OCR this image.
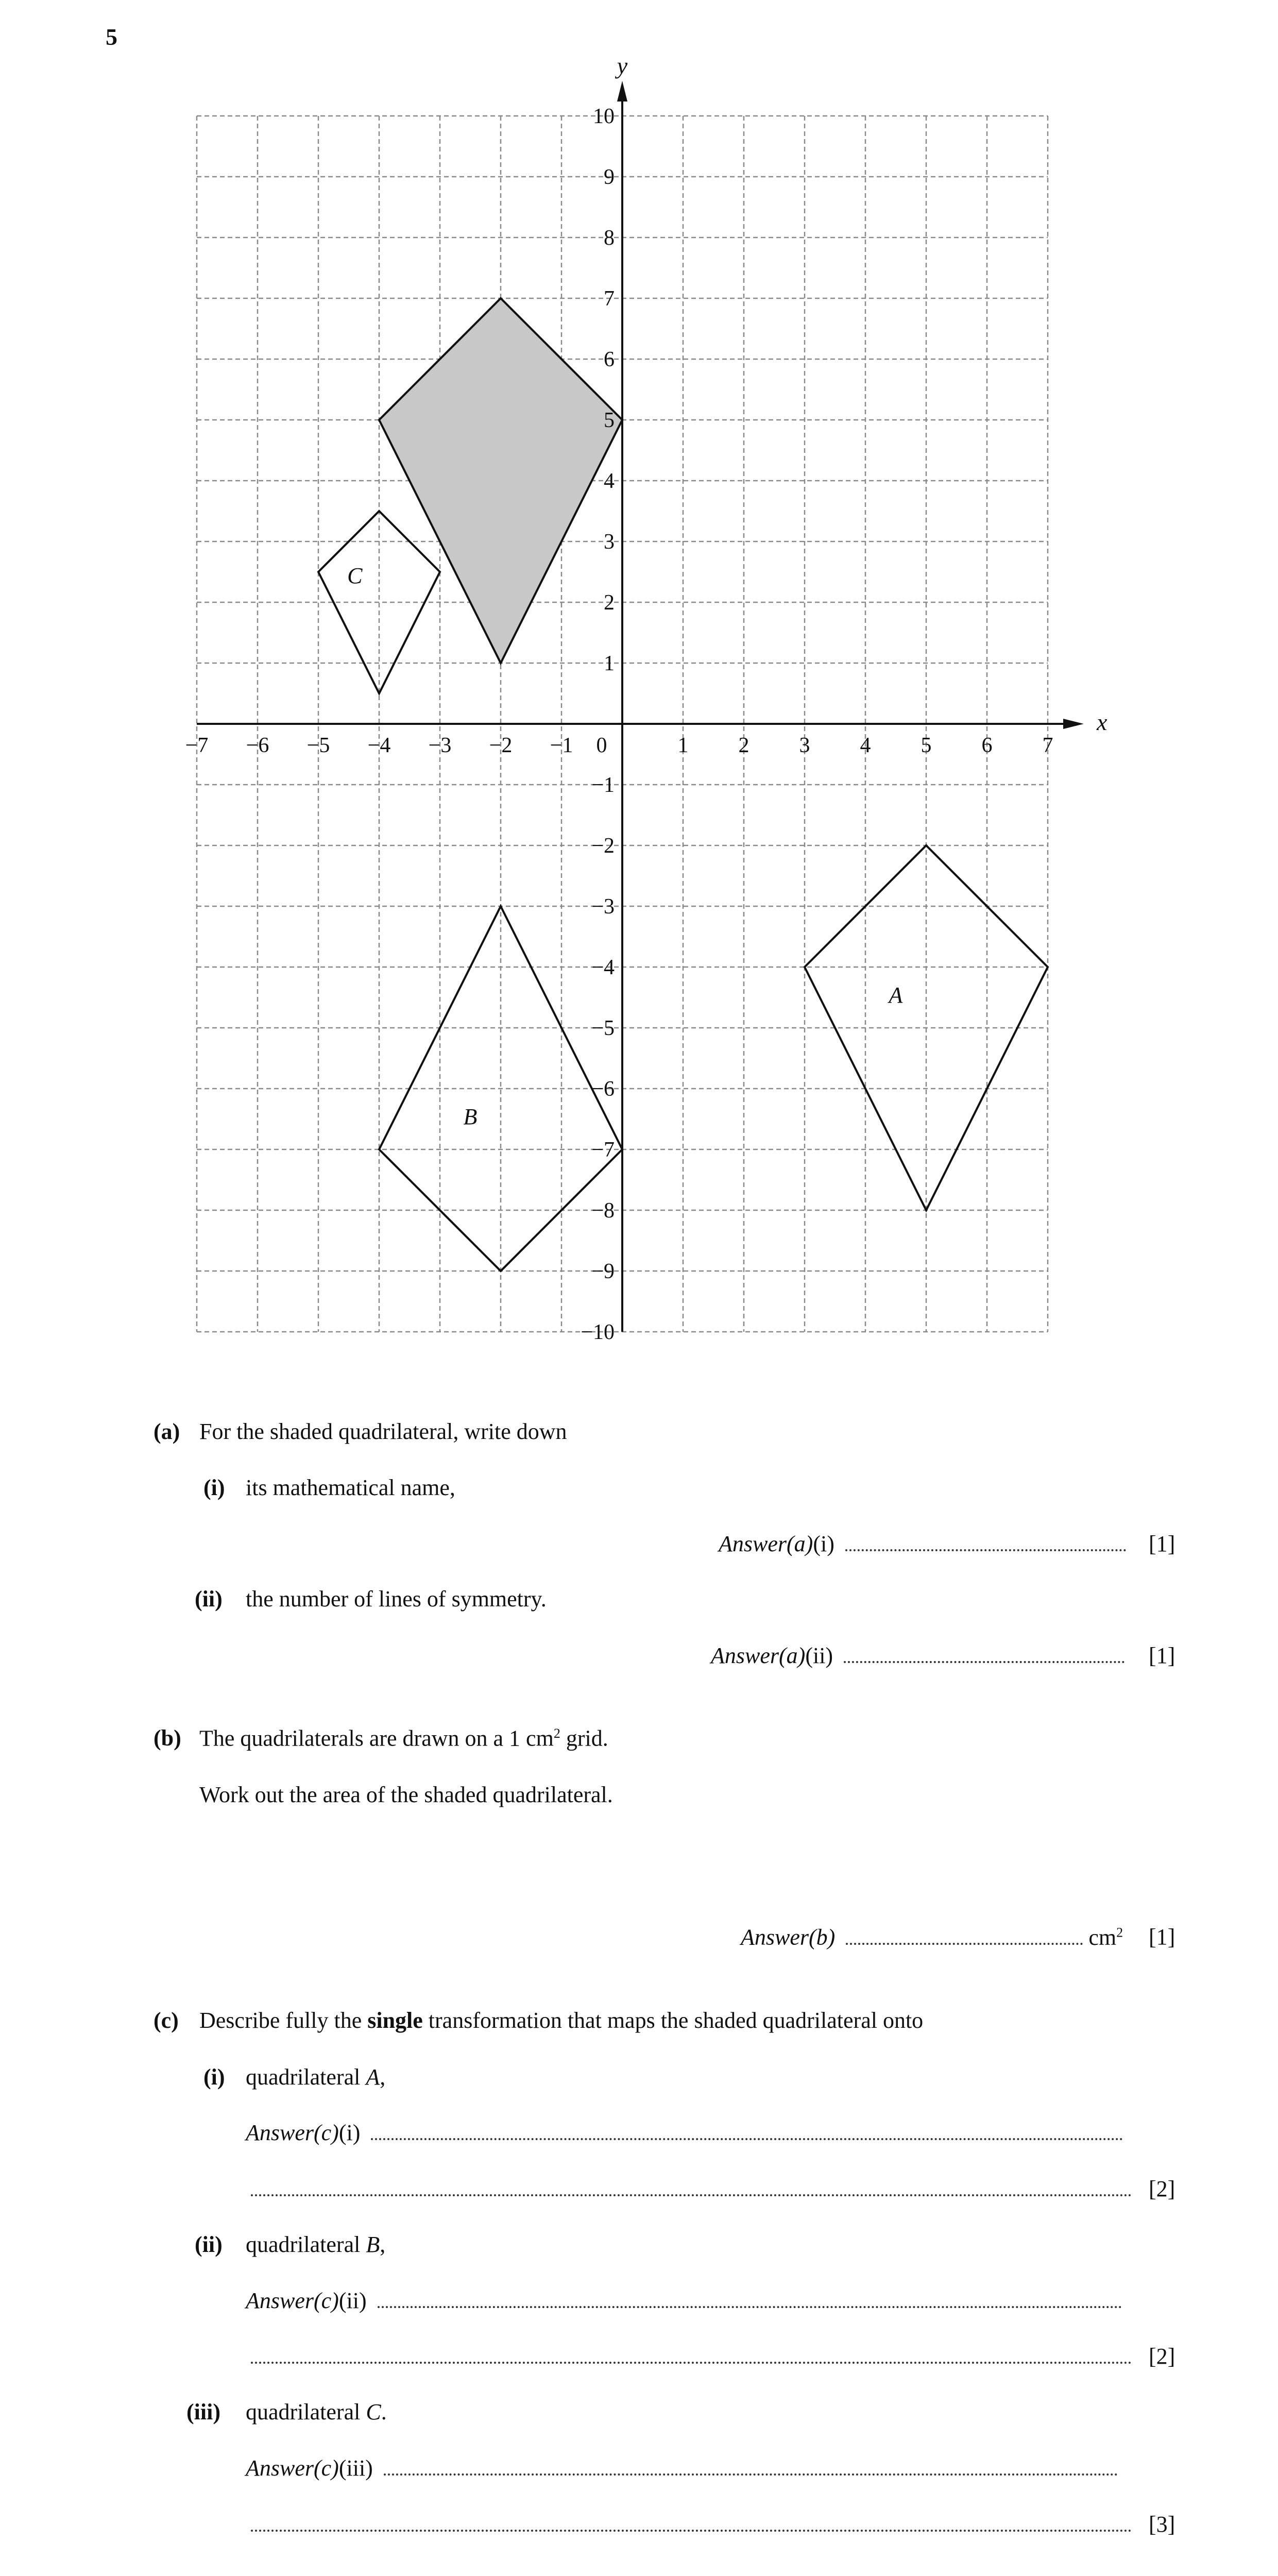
5
x
y
A
B
C
−7 −6 −5 −4 −3 −2 −1 0	1 2 3 4 5 6 7
10
9
8
7
6
5
4
3
2
1
−1
−2
−3
−4
−5
−6
−7
−8
−9
−10
(a) For the shaded quadrilateral, write down
(i) its mathematical name,
Answer(a)(i)	[1]
(ii) the number of lines of symmetry.
Answer(a)(ii)	[1]
(b) The quadrilaterals are drawn on a 1 $cm^2$ grid.
Work out the area of the shaded quadrilateral.
Answer(b)	$cm^2$ [1]
(c) Describe fully the single transformation that maps the shaded quadrilateral onto
(i) quadrilateral A,
Answer(c)(i)
[2]
(ii) quadrilateral B,
Answer(c)(ii)
[2]
(iii) quadrilateral C.
Answer(c)(iii)
[3]
